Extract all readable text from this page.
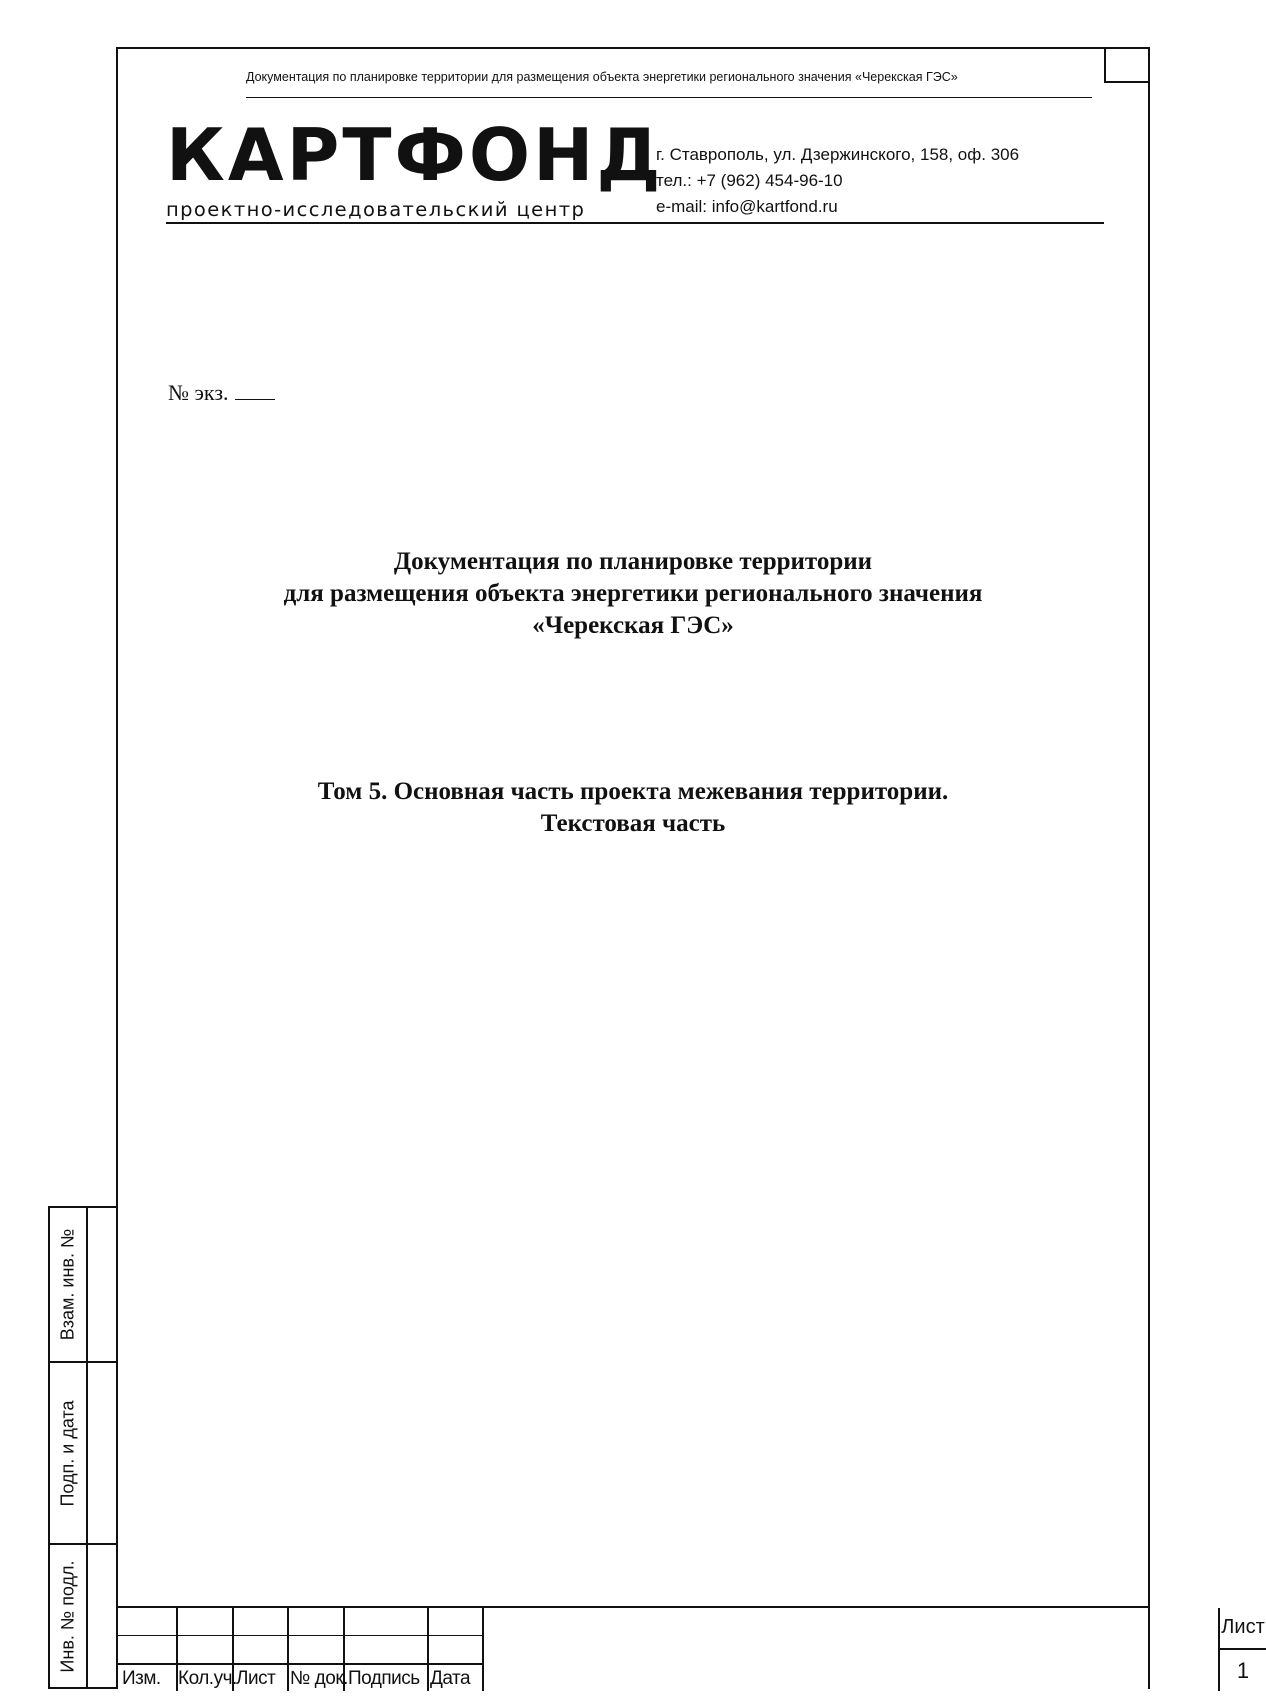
Документация по планировке территории для размещения объекта энергетики регионального значения «Черекская ГЭС»
КАРТФОНД
проектно-исследовательский центр
г. Ставрополь, ул. Дзержинского, 158, оф. 306
тел.: +7 (962) 454-96-10
e-mail: info@kartfond.ru
№ экз.
Документация по планировке территории
для размещения объекта энергетики регионального значения
«Черекская ГЭС»
Том 5. Основная часть проекта межевания территории.
Текстовая часть
Взам. инв. №
Подп. и дата
Инв. № подл.
Изм. Кол.уч. Лист № док. Подпись Дата
Лист
1
